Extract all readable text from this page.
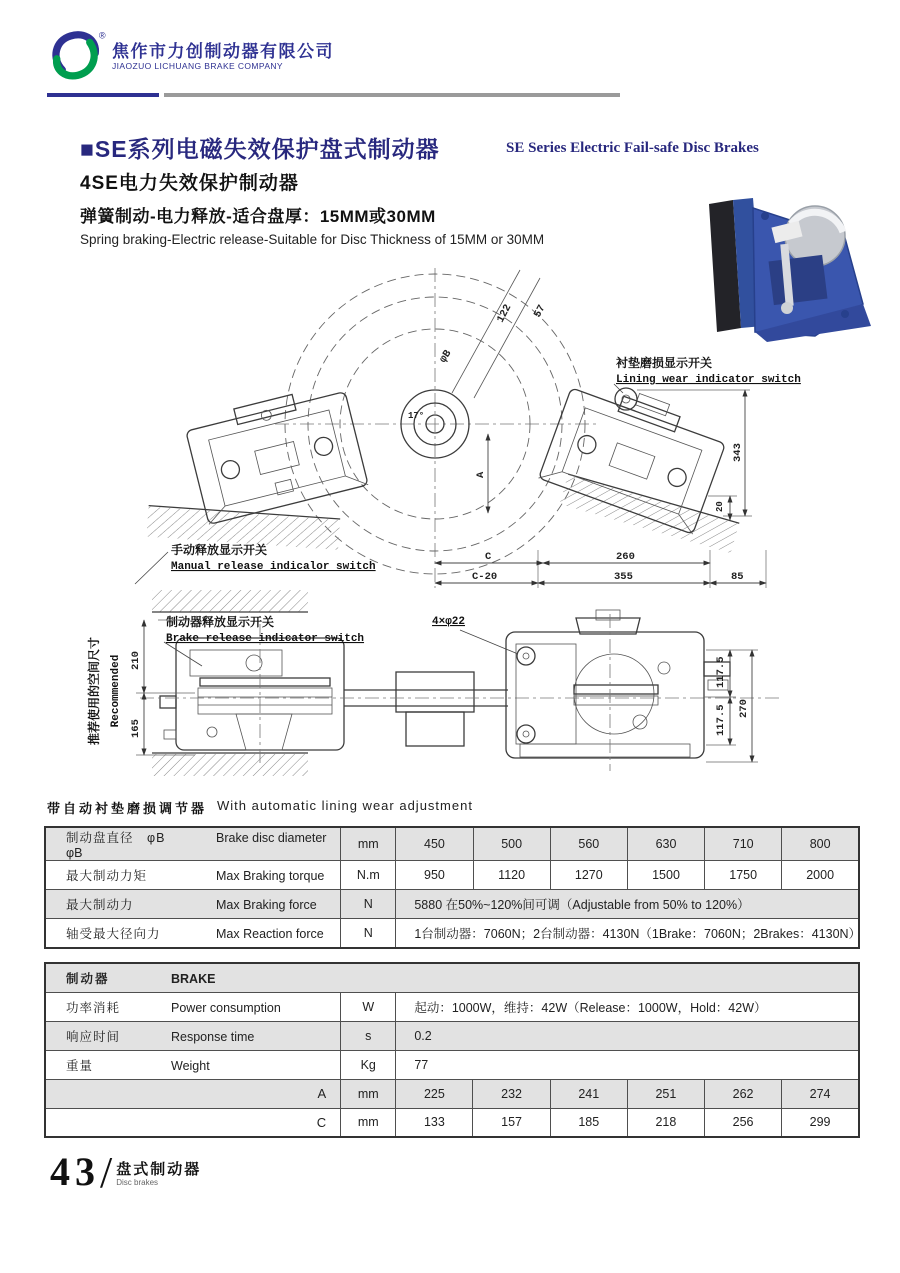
®
焦作市力创制动器有限公司
JIAOZUO LICHUANG BRAKE COMPANY
■SE系列电磁失效保护盘式制动器	SE Series Electric Fail-safe Disc Brakes
4SE电力失效保护制动器
弹簧制动-电力释放-适合盘厚：15MM或30MM
Spring braking-Electric release-Suitable for Disc Thickness of 15MM or 30MM
122 57
φB
17°
衬垫磨损显示开关
Lining wear indicator switch
手动释放显示开关
Manual release indicalor switch
A
343
20
C	260
C-20	355	85
制动器释放显示开关
Brake release indicator switch
4×φ22
210
165
推荐使用的空间尺寸 Recommended	117.5
117.5 270
带自动衬垫磨损调节器 With automatic lining wear adjustment
制动盘直径　φB Brake disc diameter φB	mm	450	500	560	630	710	800
最大制动力矩 Max Braking torque	N.m	950	1120	1270	1500	1750	2000
最大制动力 Max Braking force	N	5880 在50%~120%间可调（Adjustable from 50% to 120%）					
轴受最大径向力 Max Reaction force	N	1台制动器：7060N；2台制动器：4130N（1Brake：7060N；2Brakes：4130N）					
制动器 BRAKE							
功率消耗 Power consumption	W	起动：1000W，维持：42W（Release：1000W，Hold：42W）					
响应时间 Response time	s	0.2					
重量 Weight	Kg	77					
A	mm	225	232	241	251	262	274
C	mm	133	157	185	218	256	299
43 / 盘式制动器
Disc brakes
